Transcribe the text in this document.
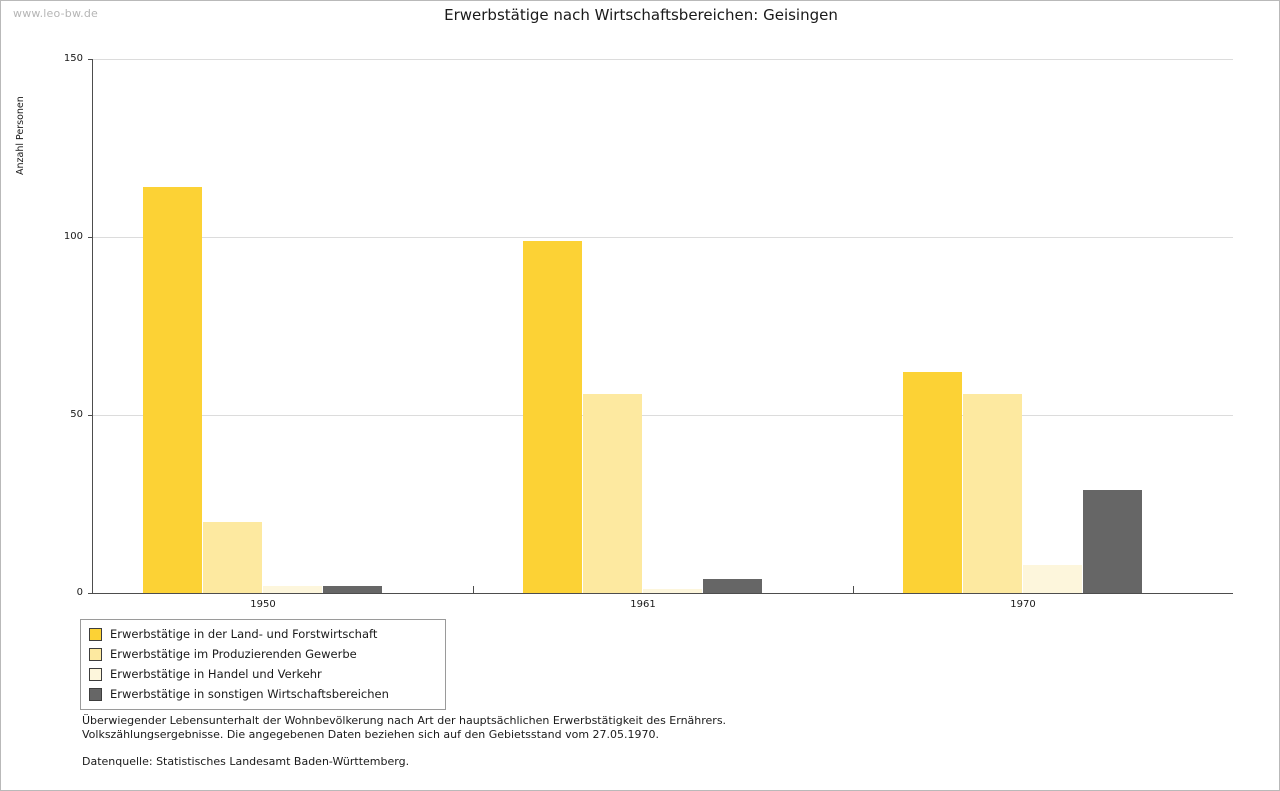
www.leo-bw.de	Erwerbstätige nach Wirtschaftsbereichen: Geisingen
Anzahl Personen
0
50
100
150
1950	1961	1970
Erwerbstätige in der Land- und Forstwirtschaft
Erwerbstätige im Produzierenden Gewerbe
Erwerbstätige in Handel und Verkehr
Erwerbstätige in sonstigen Wirtschaftsbereichen
Überwiegender Lebensunterhalt der Wohnbevölkerung nach Art der hauptsächlichen Erwerbstätigkeit des Ernährers.
Volkszählungsergebnisse. Die angegebenen Daten beziehen sich auf den Gebietsstand vom 27.05.1970.
Datenquelle: Statistisches Landesamt Baden-Württemberg.
